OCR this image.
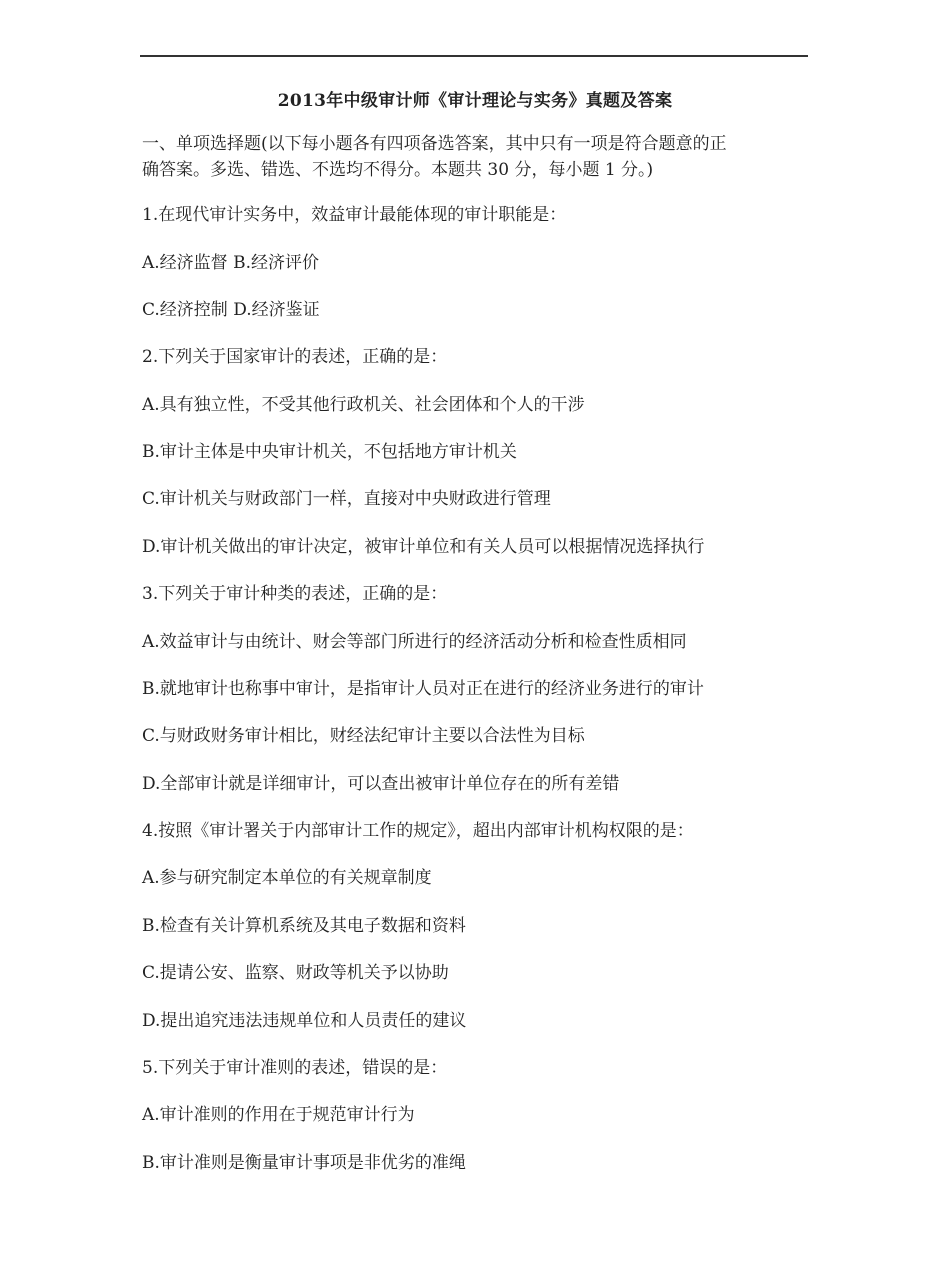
2013年中级审计师《审计理论与实务》真题及答案
一、单项选择题(以下每小题各有四项备选答案，其中只有一项是符合题意的正
确答案。多选、错选、不选均不得分。本题共 30 分，每小题 1 分。)
1.在现代审计实务中，效益审计最能体现的审计职能是：
A.经济监督 B.经济评价
C.经济控制 D.经济鉴证
2.下列关于国家审计的表述，正确的是：
A.具有独立性，不受其他行政机关、社会团体和个人的干涉
B.审计主体是中央审计机关，不包括地方审计机关
C.审计机关与财政部门一样，直接对中央财政进行管理
D.审计机关做出的审计决定，被审计单位和有关人员可以根据情况选择执行
3.下列关于审计种类的表述，正确的是：
A.效益审计与由统计、财会等部门所进行的经济活动分析和检查性质相同
B.就地审计也称事中审计，是指审计人员对正在进行的经济业务进行的审计
C.与财政财务审计相比，财经法纪审计主要以合法性为目标
D.全部审计就是详细审计，可以查出被审计单位存在的所有差错
4.按照《审计署关于内部审计工作的规定》，超出内部审计机构权限的是：
A.参与研究制定本单位的有关规章制度
B.检查有关计算机系统及其电子数据和资料
C.提请公安、监察、财政等机关予以协助
D.提出追究违法违规单位和人员责任的建议
5.下列关于审计准则的表述，错误的是：
A.审计准则的作用在于规范审计行为
B.审计准则是衡量审计事项是非优劣的准绳
